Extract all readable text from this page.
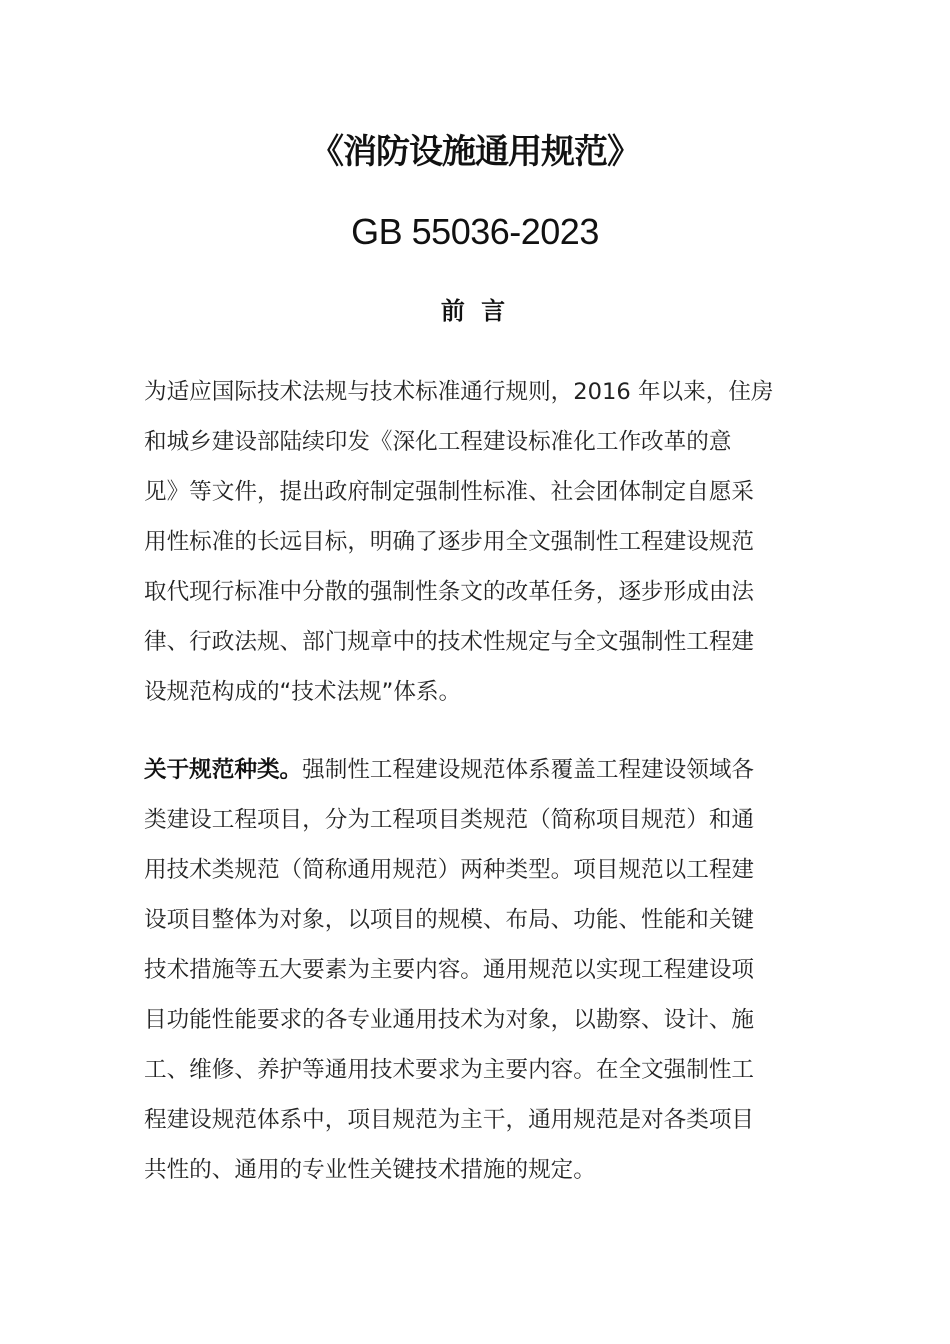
《消防设施通用规范》
GB 55036-2023
前 言
为适应国际技术法规与技术标准通行规则，2016 年以来，住房
和城乡建设部陆续印发《深化工程建设标准化工作改革的意
见》等文件，提出政府制定强制性标准、社会团体制定自愿采
用性标准的长远目标，明确了逐步用全文强制性工程建设规范
取代现行标准中分散的强制性条文的改革任务，逐步形成由法
律、行政法规、部门规章中的技术性规定与全文强制性工程建
设规范构成的“技术法规”体系。
关于规范种类。强制性工程建设规范体系覆盖工程建设领域各
类建设工程项目，分为工程项目类规范（简称项目规范）和通
用技术类规范（简称通用规范）两种类型。项目规范以工程建
设项目整体为对象，以项目的规模、布局、功能、性能和关键
技术措施等五大要素为主要内容。通用规范以实现工程建设项
目功能性能要求的各专业通用技术为对象，以勘察、设计、施
工、维修、养护等通用技术要求为主要内容。在全文强制性工
程建设规范体系中，项目规范为主干，通用规范是对各类项目
共性的、通用的专业性关键技术措施的规定。
